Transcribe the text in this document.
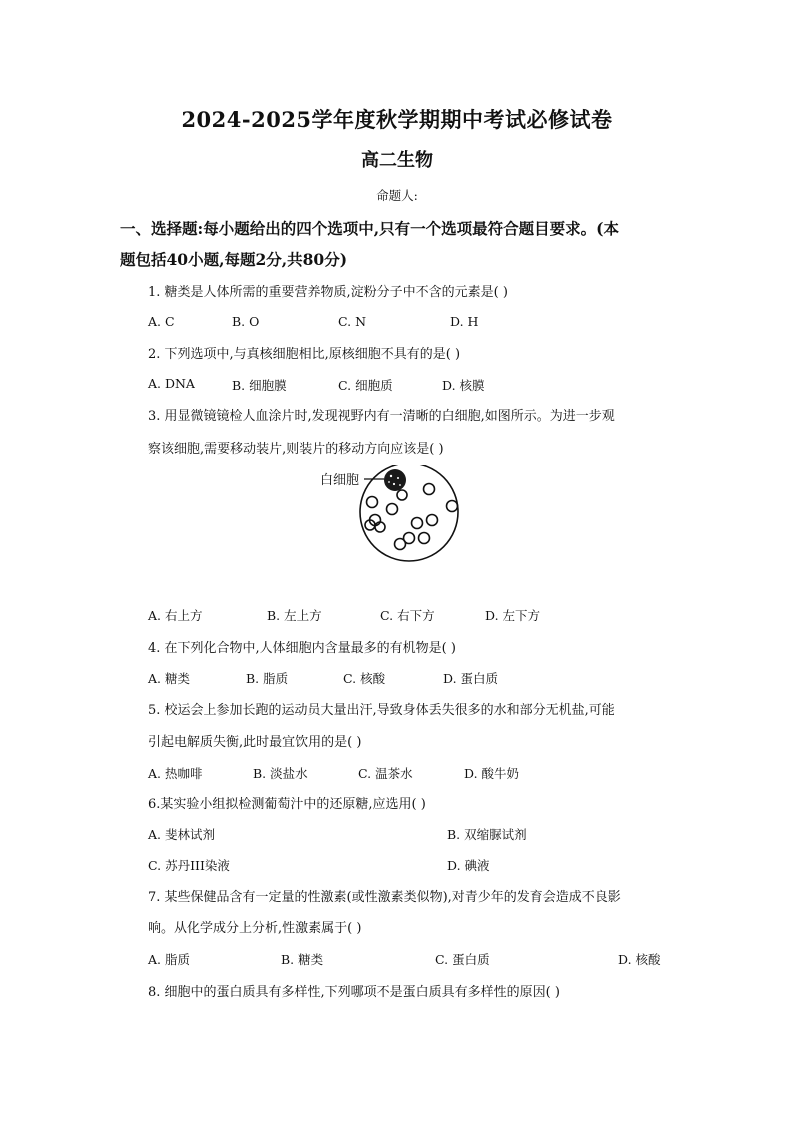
2024-2025学年度秋学期期中考试必修试卷
高二生物
命题人:
一、选择题:每小题给出的四个选项中,只有一个选项最符合题目要求。(本
题包括40小题,每题2分,共80分)
1. 糖类是人体所需的重要营养物质,淀粉分子中不含的元素是( )
A. C	B. O	C. N	D. H
2. 下列选项中,与真核细胞相比,原核细胞不具有的是( )
A. DNA	B. 细胞膜	C. 细胞质	D. 核膜
3. 用显微镜镜检人血涂片时,发现视野内有一清晰的白细胞,如图所示。为进一步观
察该细胞,需要移动装片,则装片的移动方向应该是( )
白细胞
A. 右上方	B. 左上方	C. 右下方	D. 左下方
4. 在下列化合物中,人体细胞内含量最多的有机物是( )
A. 糖类	B. 脂质	C. 核酸	D. 蛋白质
5. 校运会上参加长跑的运动员大量出汗,导致身体丢失很多的水和部分无机盐,可能
引起电解质失衡,此时最宜饮用的是( )
A. 热咖啡	B. 淡盐水	C. 温茶水	D. 酸牛奶
6.某实验小组拟检测葡萄汁中的还原糖,应选用( )
A. 斐林试剂	B. 双缩脲试剂
C. 苏丹III染液	D. 碘液
7. 某些保健品含有一定量的性激素(或性激素类似物),对青少年的发育会造成不良影
响。从化学成分上分析,性激素属于( )
A. 脂质	B. 糖类	C. 蛋白质	D. 核酸
8. 细胞中的蛋白质具有多样性,下列哪项不是蛋白质具有多样性的原因( )
